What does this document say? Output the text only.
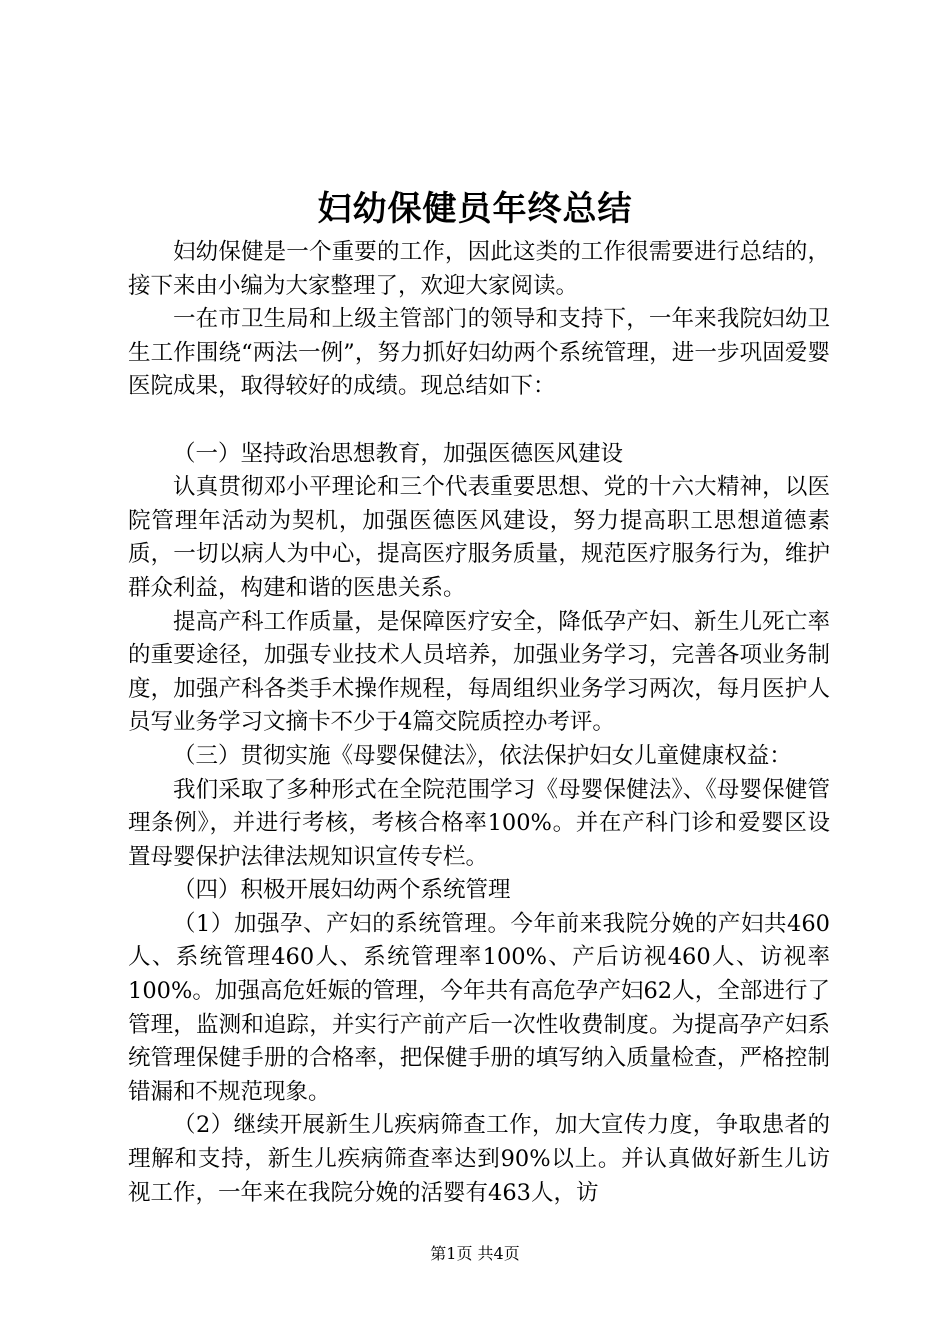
妇幼保健员年终总结

妇幼保健是一个重要的工作，因此这类的工作很需要进行总结的，接下来由小编为大家整理了，欢迎大家阅读。

一在市卫生局和上级主管部门的领导和支持下，一年来我院妇幼卫生工作围绕“两法一例”，努力抓好妇幼两个系统管理，进一步巩固爱婴医院成果，取得较好的成绩。现总结如下：

（一）坚持政治思想教育，加强医德医风建设

认真贯彻邓小平理论和三个代表重要思想、党的十六大精神，以医院管理年活动为契机，加强医德医风建设，努力提高职工思想道德素质，一切以病人为中心，提高医疗服务质量，规范医疗服务行为，维护群众利益，构建和谐的医患关系。

提高产科工作质量，是保障医疗安全，降低孕产妇、新生儿死亡率的重要途径，加强专业技术人员培养，加强业务学习，完善各项业务制度，加强产科各类手术操作规程，每周组织业务学习两次，每月医护人员写业务学习文摘卡不少于4篇交院质控办考评。

（三）贯彻实施《母婴保健法》，依法保护妇女儿童健康权益：

我们采取了多种形式在全院范围学习《母婴保健法》、《母婴保健管理条例》，并进行考核，考核合格率100%。并在产科门诊和爱婴区设置母婴保护法律法规知识宣传专栏。

（四）积极开展妇幼两个系统管理

（1）加强孕、产妇的系统管理。今年前来我院分娩的产妇共460人、系统管理460人、系统管理率100%、产后访视460人、访视率100%。加强高危妊娠的管理，今年共有高危孕产妇62人，全部进行了管理，监测和追踪，并实行产前产后一次性收费制度。为提高孕产妇系统管理保健手册的合格率，把保健手册的填写纳入质量检查，严格控制错漏和不规范现象。

（2）继续开展新生儿疾病筛查工作，加大宣传力度，争取患者的理解和支持，新生儿疾病筛查率达到90%以上。并认真做好新生儿访视工作，一年来在我院分娩的活婴有463人，访

第1页 共4页
